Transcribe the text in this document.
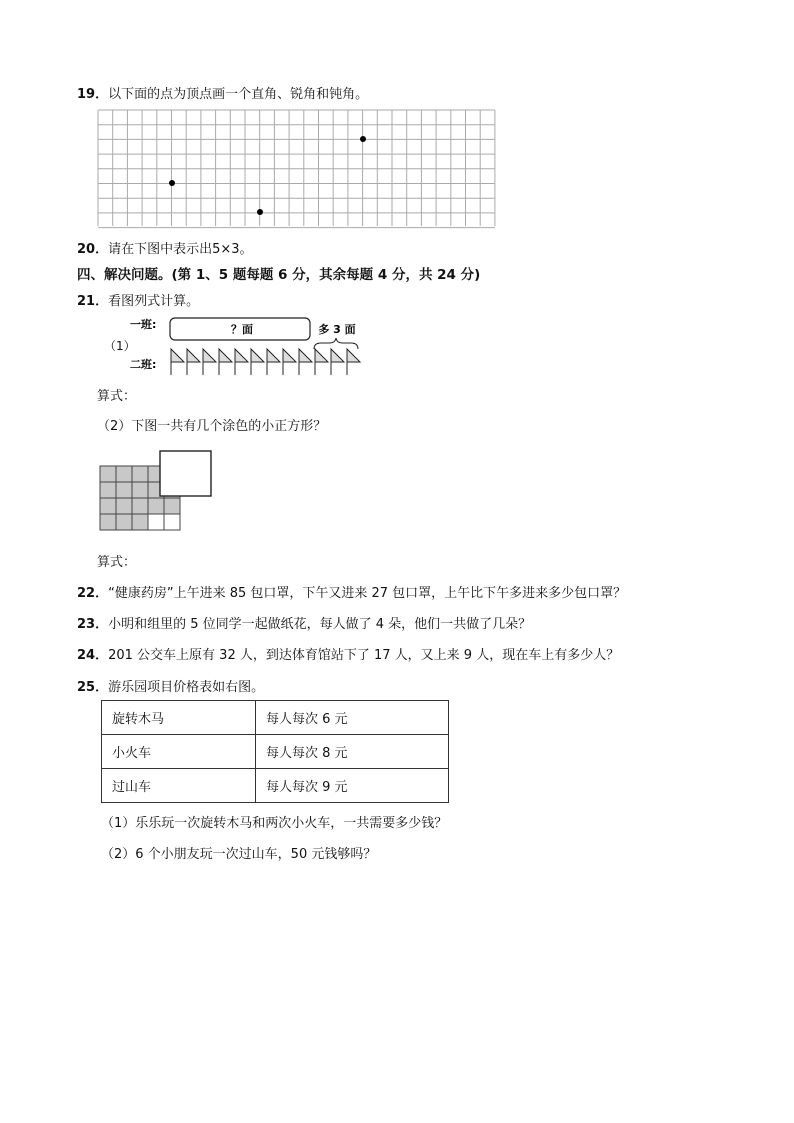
19．以下面的点为顶点画一个直角、锐角和钝角。
20．请在下图中表示出5×3。
四、解决问题。(第 1、5 题每题 6 分，其余每题 4 分，共 24 分)
21．看图列式计算。
（1）
一班:
二班:
？面	多 3 面
算式：
（2）下图一共有几个涂色的小正方形？
算式：
22．“健康药房”上午进来 85 包口罩，下午又进来 27 包口罩，上午比下午多进来多少包口罩？
23．小明和组里的 5 位同学一起做纸花，每人做了 4 朵，他们一共做了几朵？
24．201 公交车上原有 32 人，到达体育馆站下了 17 人，又上来 9 人，现在车上有多少人？
25．游乐园项目价格表如右图。
旋转木马	每人每次 6 元
小火车	每人每次 8 元
过山车	每人每次 9 元
（1）乐乐玩一次旋转木马和两次小火车，一共需要多少钱？
（2）6 个小朋友玩一次过山车，50 元钱够吗？
